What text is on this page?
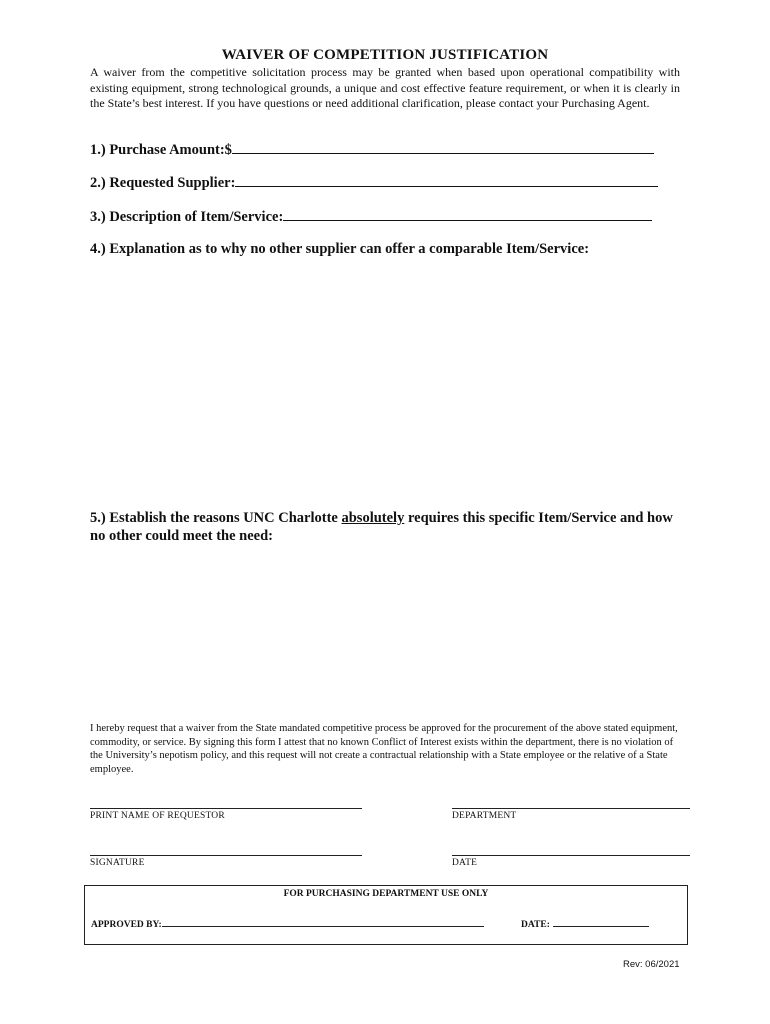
WAIVER OF COMPETITION JUSTIFICATION
A waiver from the competitive solicitation process may be granted when based upon operational compatibility with existing equipment, strong technological grounds, a unique and cost effective feature requirement, or when it is clearly in the State’s best interest. If you have questions or need additional clarification, please contact your Purchasing Agent.
1.) Purchase Amount:$
2.) Requested Supplier:
3.) Description of Item/Service:
4.) Explanation as to why no other supplier can offer a comparable Item/Service:
5.) Establish the reasons UNC Charlotte absolutely requires this specific Item/Service and how no other could meet the need:
I hereby request that a waiver from the State mandated competitive process be approved for the procurement of the above stated equipment, commodity, or service. By signing this form I attest that no known Conflict of Interest exists within the department, there is no violation of the University’s nepotism policy, and this request will not create a contractual relationship with a State employee or the relative of a State employee.
PRINT NAME OF REQUESTOR	DEPARTMENT
SIGNATURE	DATE
FOR PURCHASING DEPARTMENT USE ONLY
APPROVED BY:	DATE:
Rev: 06/2021
